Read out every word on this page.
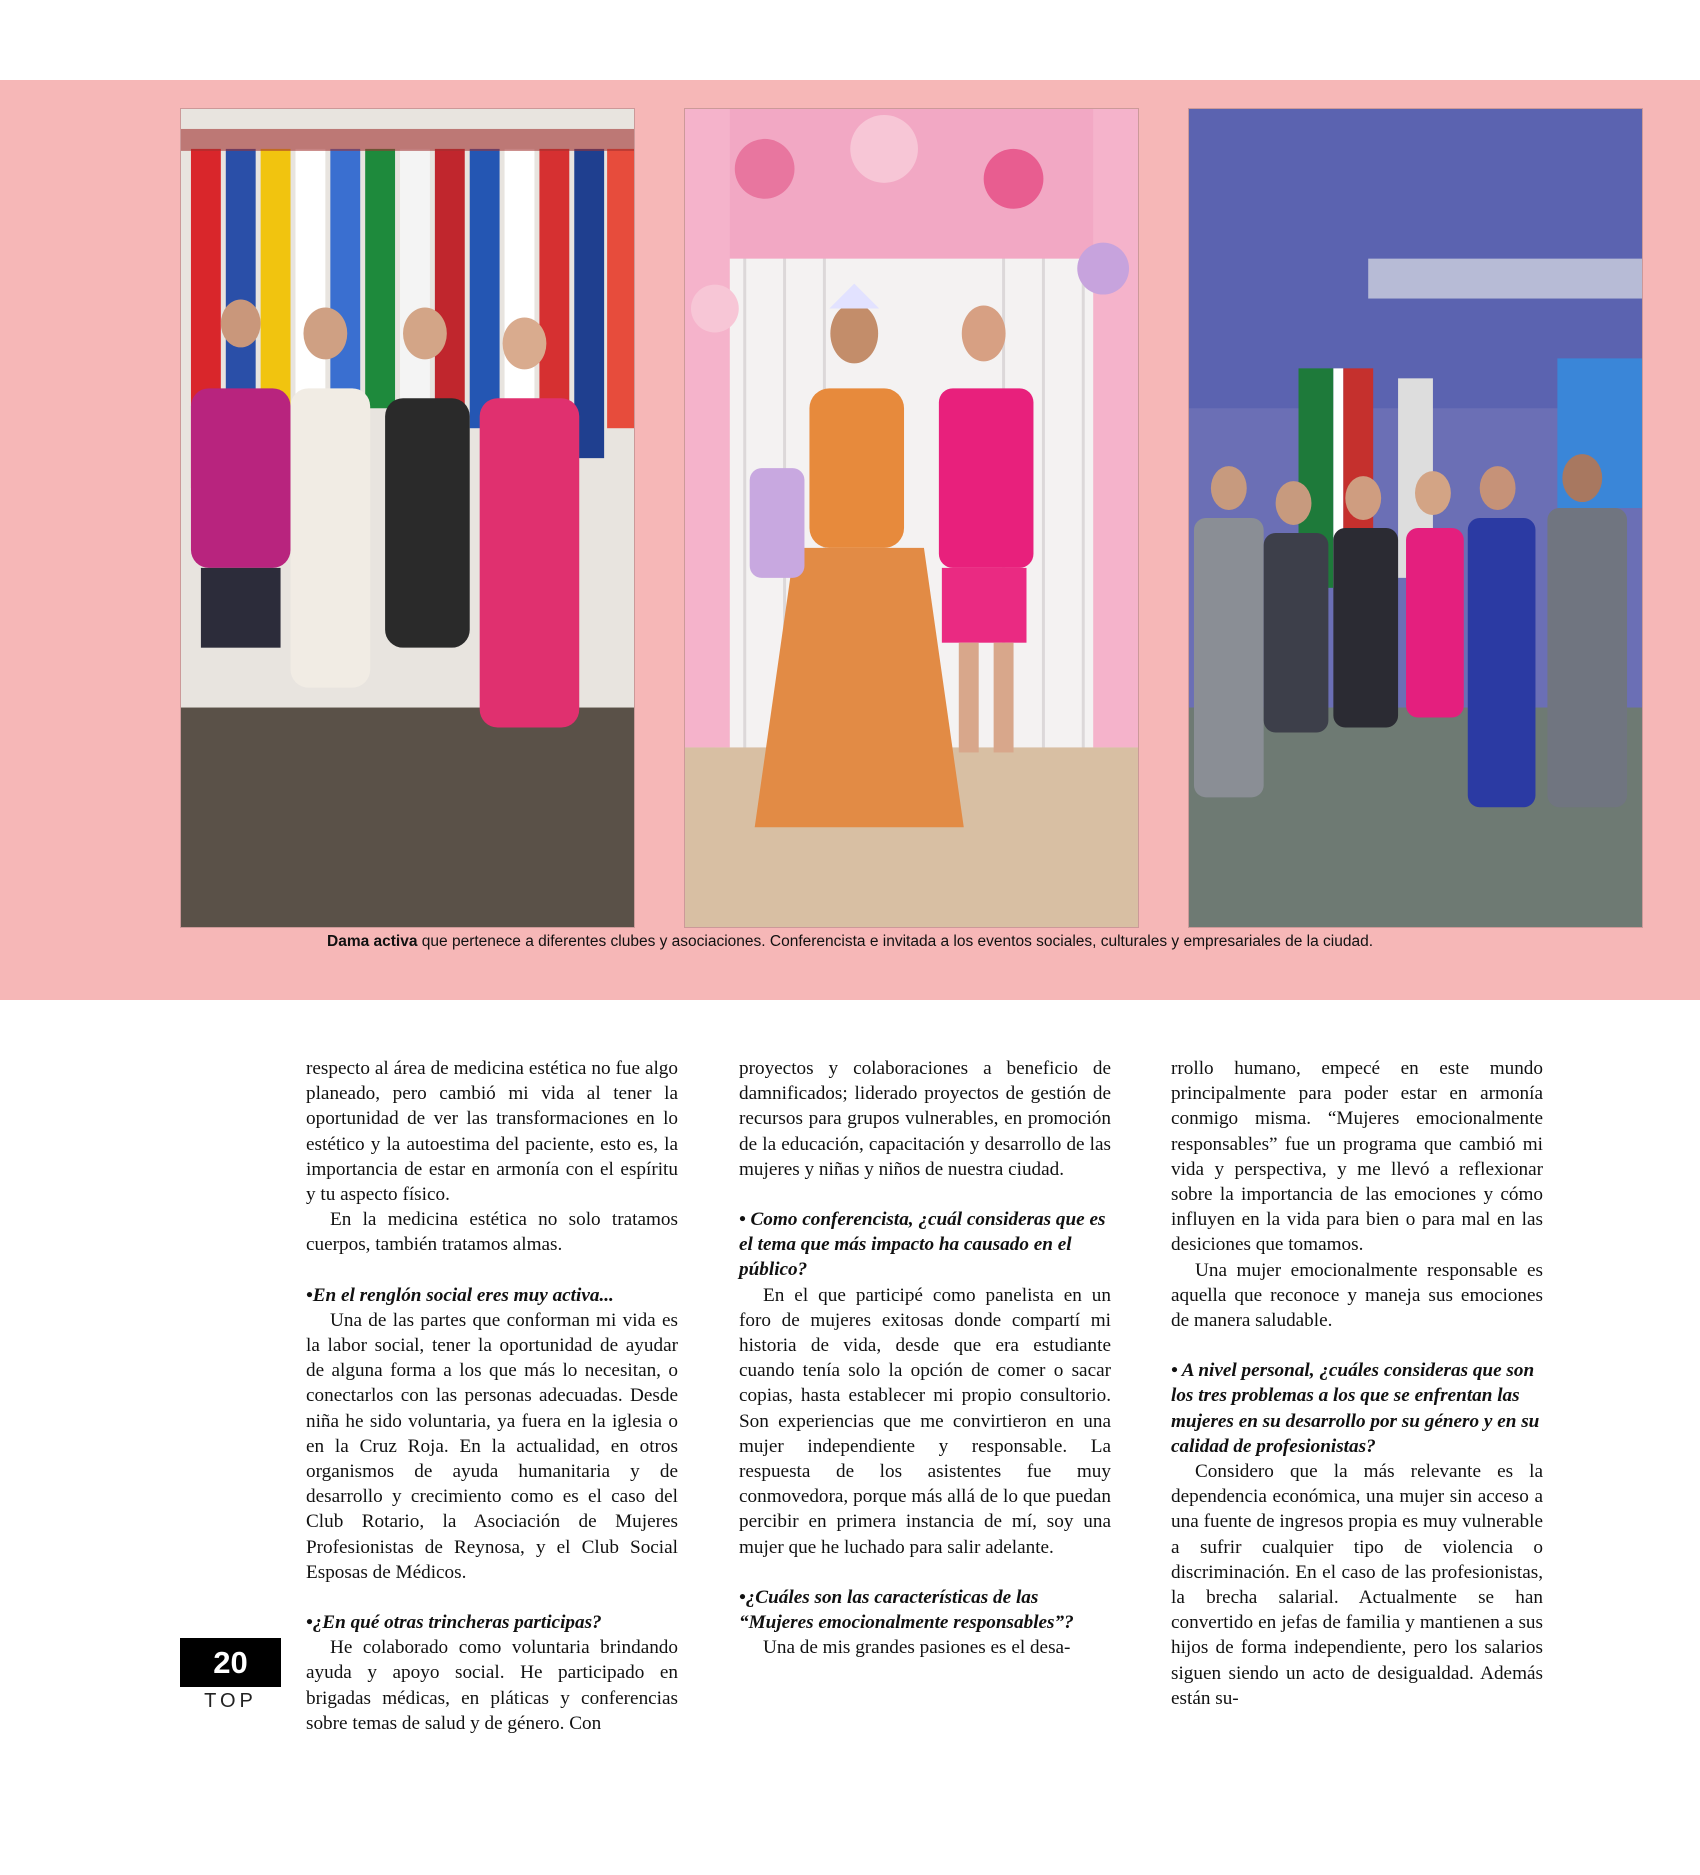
Dama activa que pertenece a diferentes clubes y asociaciones. Conferencista e invitada a los eventos sociales, culturales y empresariales de la ciudad.

respecto al área de medicina estética no fue algo planeado, pero cambió mi vida al tener la oportunidad de ver las transformaciones en lo estético y la autoestima del paciente, esto es, la importancia de estar en armonía con el espíritu y tu aspecto físico.

En la medicina estética no solo tratamos cuerpos, también tratamos almas.

•En el renglón social eres muy activa...

Una de las partes que conforman mi vida es la labor social, tener la oportunidad de ayudar de alguna forma a los que más lo necesitan, o conectarlos con las personas adecuadas. Desde niña he sido voluntaria, ya fuera en la iglesia o en la Cruz Roja. En la actualidad, en otros organismos de ayuda humanitaria y de desarrollo y crecimiento como es el caso del Club Rotario, la Asociación de Mujeres Profesionistas de Reynosa, y el Club Social Esposas de Médicos.

•¿En qué otras trincheras participas?

He colaborado como voluntaria brindando ayuda y apoyo social. He participado en brigadas médicas, en pláticas y conferencias sobre temas de salud y de género. Con

proyectos y colaboraciones a beneficio de damnificados; liderado proyectos de gestión de recursos para grupos vulnerables, en promoción de la educación, capacitación y desarrollo de las mujeres y niñas y niños de nuestra ciudad.

• Como conferencista, ¿cuál consideras que es el tema que más impacto ha causado en el público?

En el que participé como panelista en un foro de mujeres exitosas donde compartí mi historia de vida, desde que era estudiante cuando tenía solo la opción de comer o sacar copias, hasta establecer mi propio consultorio. Son experiencias que me convirtieron en una mujer independiente y responsable. La respuesta de los asistentes fue muy conmovedora, porque más allá de lo que puedan percibir en primera instancia de mí, soy una mujer que he luchado para salir adelante.

•¿Cuáles son las características de las “Mujeres emocionalmente responsables”?

Una de mis grandes pasiones es el desa-

rrollo humano, empecé en este mundo principalmente para poder estar en armonía conmigo misma. “Mujeres emocionalmente responsables” fue un programa que cambió mi vida y perspectiva, y me llevó a reflexionar sobre la importancia de las emociones y cómo influyen en la vida para bien o para mal en las desiciones que tomamos.

Una mujer emocionalmente responsable es aquella que reconoce y maneja sus emociones de manera saludable.

• A nivel personal, ¿cuáles consideras que son los tres problemas a los que se enfrentan las mujeres en su desarrollo por su género y en su calidad de profesionistas?

Considero que la más relevante es la dependencia económica, una mujer sin acceso a una fuente de ingresos propia es muy vulnerable a sufrir cualquier tipo de violencia o discriminación. En el caso de las profesionistas, la brecha salarial. Actualmente se han convertido en jefas de familia y mantienen a sus hijos de forma independiente, pero los salarios siguen siendo un acto de desigualdad. Además están su-

20
TOP
